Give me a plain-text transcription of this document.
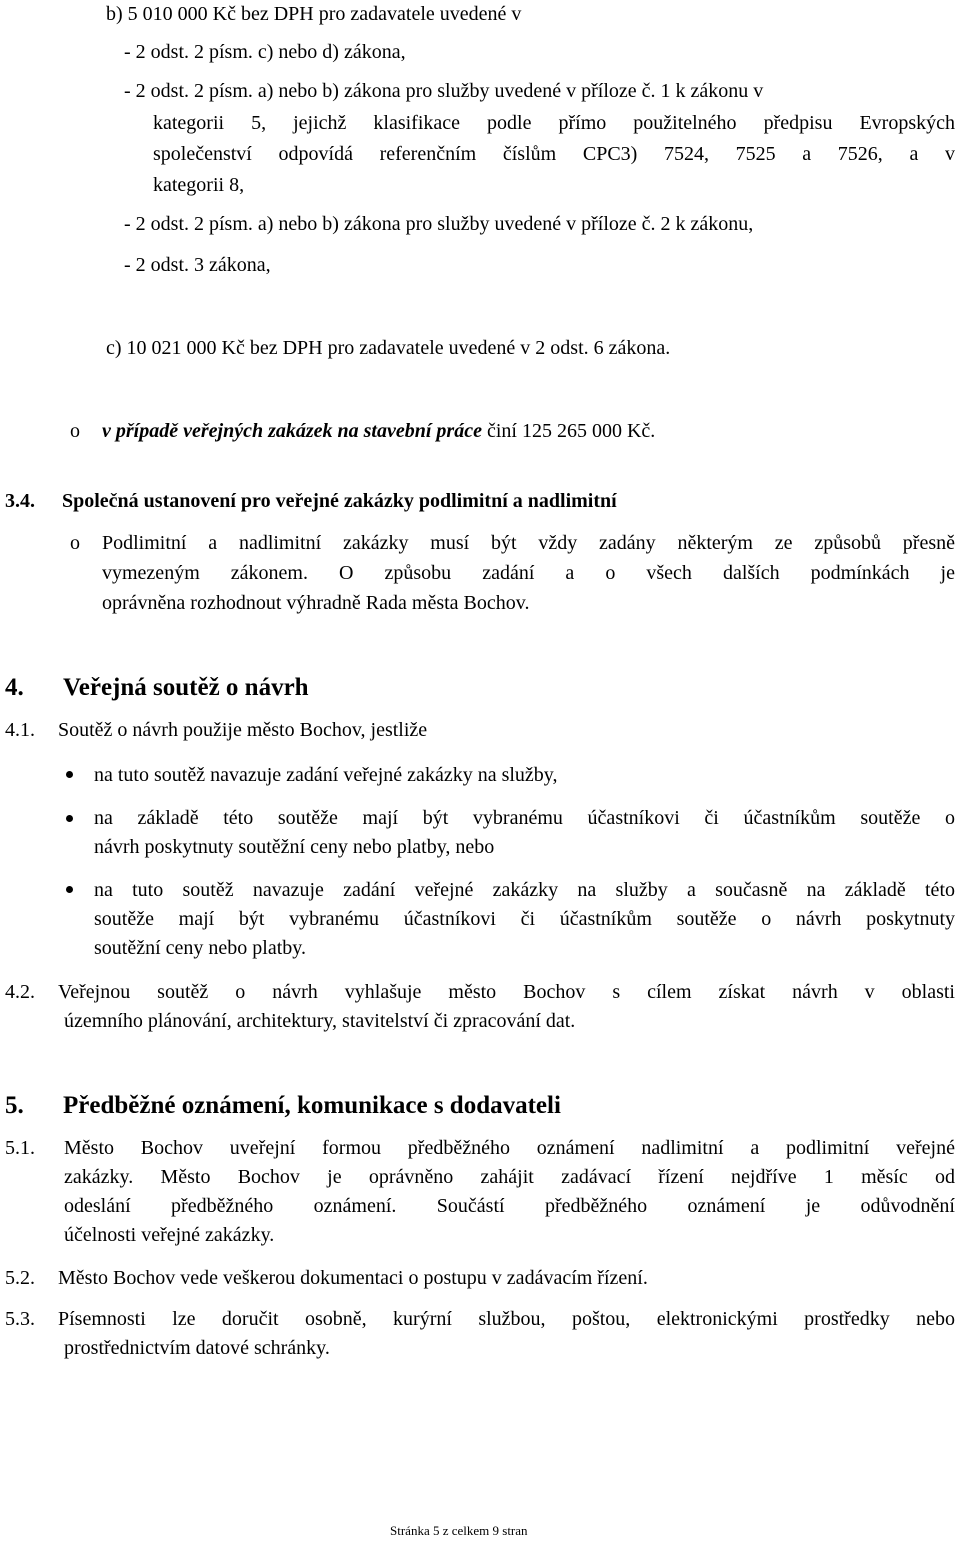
b) 5 010 000 Kč bez DPH pro zadavatele uvedené v
- 2 odst. 2 písm. c) nebo d) zákona,
- 2 odst. 2 písm. a) nebo b) zákona pro služby uvedené v příloze č. 1 k zákonu v
kategorii 5, jejichž klasifikace podle přímo použitelného předpisu Evropských
společenství odpovídá referenčním číslům CPC3) 7524, 7525 a 7526, a v
kategorii 8,
- 2 odst. 2 písm. a) nebo b) zákona pro služby uvedené v příloze č. 2 k zákonu,
- 2 odst. 3 zákona,
c) 10 021 000 Kč bez DPH pro zadavatele uvedené v 2 odst. 6 zákona.
o v případě veřejných zakázek na stavební práce činí 125 265 000 Kč.
3.4. Společná ustanovení pro veřejné zakázky podlimitní a nadlimitní
o Podlimitní a nadlimitní zakázky musí být vždy zadány některým ze způsobů přesně
vymezeným zákonem. O způsobu zadání a o všech dalších podmínkách je
oprávněna rozhodnout výhradně Rada města Bochov.
4. Veřejná soutěž o návrh
4.1. Soutěž o návrh použije město Bochov, jestliže
na tuto soutěž navazuje zadání veřejné zakázky na služby,
na základě této soutěže mají být vybranému účastníkovi či účastníkům soutěže o
návrh poskytnuty soutěžní ceny nebo platby, nebo
na tuto soutěž navazuje zadání veřejné zakázky na služby a současně na základě této
soutěže mají být vybranému účastníkovi či účastníkům soutěže o návrh poskytnuty
soutěžní ceny nebo platby.
4.2. Veřejnou soutěž o návrh vyhlašuje město Bochov s cílem získat návrh v oblasti
územního plánování, architektury, stavitelství či zpracování dat.
5. Předběžné oznámení, komunikace s dodavateli
5.1. Město Bochov uveřejní formou předběžného oznámení nadlimitní a podlimitní veřejné
zakázky. Město Bochov je oprávněno zahájit zadávací řízení nejdříve 1 měsíc od
odeslání předběžného oznámení. Součástí předběžného oznámení je odůvodnění
účelnosti veřejné zakázky.
5.2. Město Bochov vede veškerou dokumentaci o postupu v zadávacím řízení.
5.3. Písemnosti lze doručit osobně, kurýrní službou, poštou, elektronickými prostředky nebo
prostřednictvím datové schránky.
Stránka 5 z celkem 9 stran
